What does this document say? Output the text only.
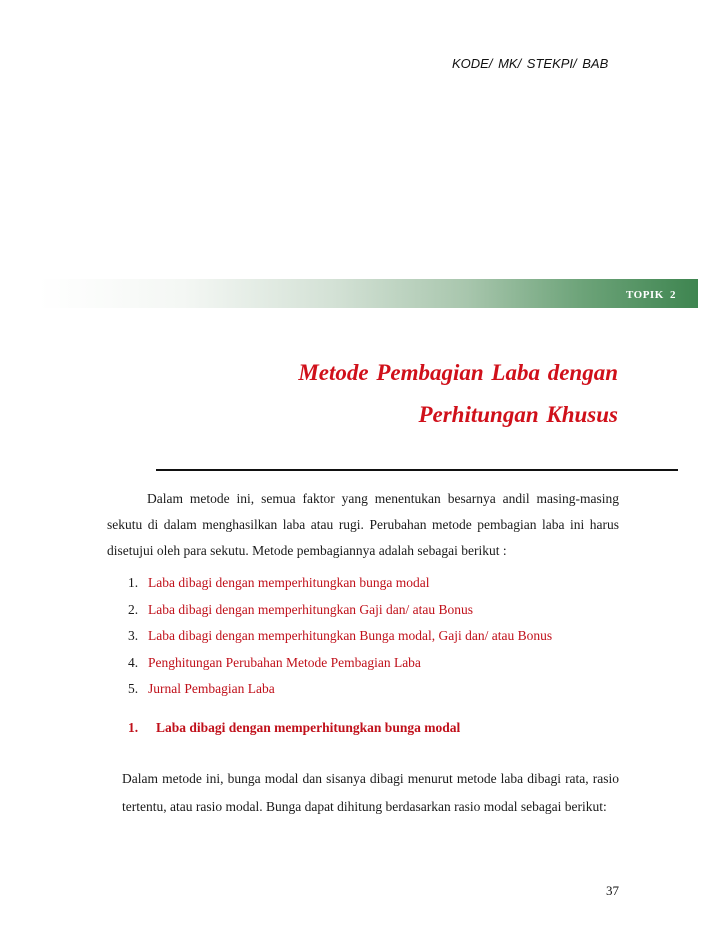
KODE/ MK/ STEKPI/ BAB
TOPIK 2
Metode Pembagian Laba dengan
Perhitungan Khusus
Dalam metode ini, semua faktor yang menentukan besarnya andil masing-masing sekutu di dalam menghasilkan laba atau rugi. Perubahan metode pembagian laba ini harus disetujui oleh para sekutu. Metode pembagiannya adalah sebagai berikut :
1. Laba dibagi dengan memperhitungkan bunga modal
2. Laba dibagi dengan memperhitungkan Gaji dan/ atau Bonus
3. Laba dibagi dengan memperhitungkan Bunga modal, Gaji dan/ atau Bonus
4. Penghitungan Perubahan Metode Pembagian Laba
5. Jurnal Pembagian Laba
1. Laba dibagi dengan memperhitungkan bunga modal
Dalam metode ini, bunga modal dan sisanya dibagi menurut metode laba dibagi rata, rasio tertentu, atau rasio modal. Bunga dapat dihitung berdasarkan rasio modal sebagai berikut:
37
